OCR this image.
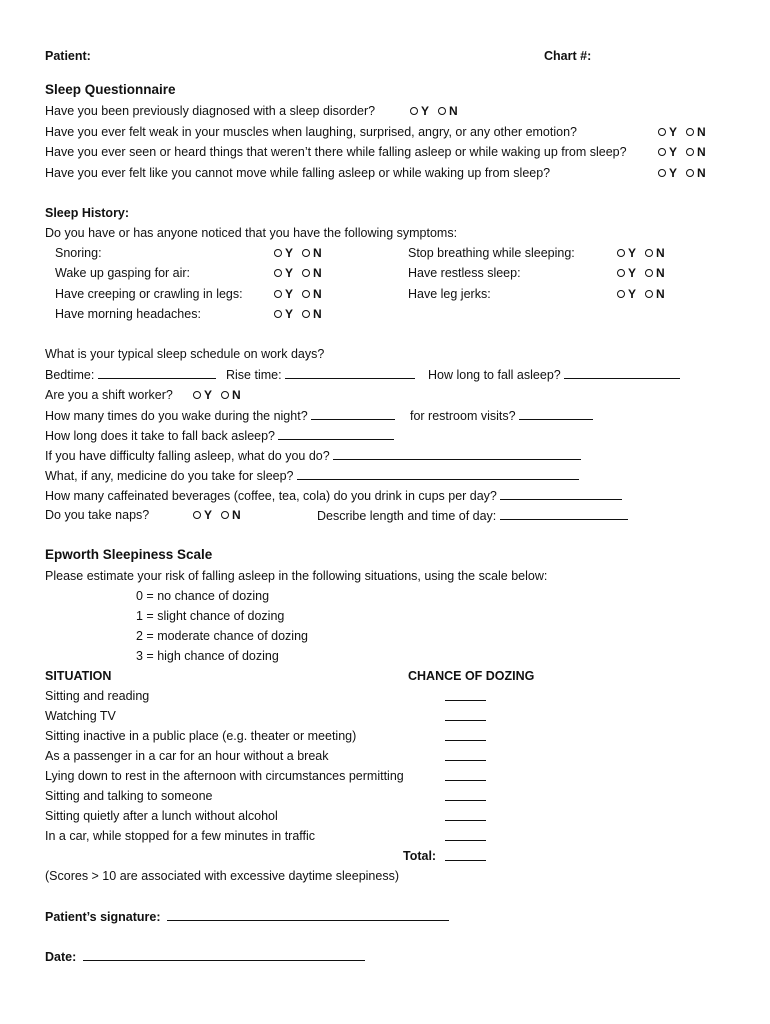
Patient:	Chart #:
Sleep Questionnaire
Have you been previously diagnosed with a sleep disorder?	Y N
Have you ever felt weak in your muscles when laughing, surprised, angry, or any other emotion?	Y N
Have you ever seen or heard things that weren’t there while falling asleep or while waking up from sleep?	Y N
Have you ever felt like you cannot move while falling asleep or while waking up from sleep?	Y N
Sleep History:
Do you have or has anyone noticed that you have the following symptoms:
Snoring:	Y N	Stop breathing while sleeping:	Y N
Wake up gasping for air:	Y N	Have restless sleep:	Y N
Have creeping or crawling in legs:	Y N	Have leg jerks:	Y N
Have morning headaches:	Y N
What is your typical sleep schedule on work days?
Bedtime:	Rise time:	How long to fall asleep?
Are you a shift worker?	Y N
How many times do you wake during the night?	for restroom visits?
How long does it take to fall back asleep?
If you have difficulty falling asleep, what do you do?
What, if any, medicine do you take for sleep?
How many caffeinated beverages (coffee, tea, cola) do you drink in cups per day?
Do you take naps?	Y N	Describe length and time of day:
Epworth Sleepiness Scale
Please estimate your risk of falling asleep in the following situations, using the scale below:
0 = no chance of dozing
1 = slight chance of dozing
2 = moderate chance of dozing
3 = high chance of dozing
SITUATION	CHANCE OF DOZING
Sitting and reading
Watching TV
Sitting inactive in a public place (e.g. theater or meeting)
As a passenger in a car for an hour without a break
Lying down to rest in the afternoon with circumstances permitting
Sitting and talking to someone
Sitting quietly after a lunch without alcohol
In a car, while stopped for a few minutes in traffic
Total:
(Scores > 10 are associated with excessive daytime sleepiness)
Patient’s signature:
Date:
